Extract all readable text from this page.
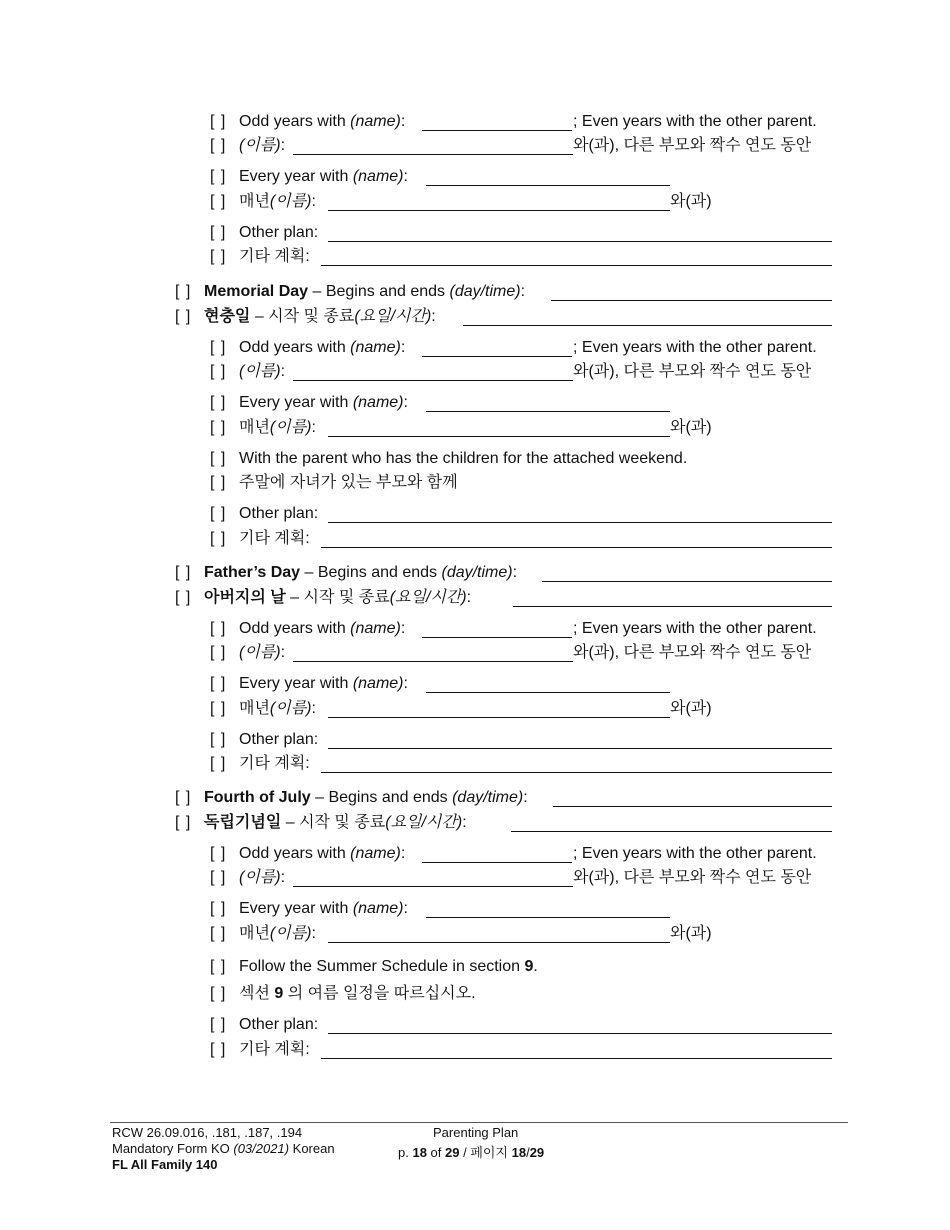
[ ] Odd years with (name):	; Even years with the other parent.
[ ] (이름):	와(과), 다른 부모와 짝수 연도 동안
[ ] Every year with (name):
[ ] 매년(이름):	와(과)
[ ] Other plan:
[ ] 기타 계획:
[ ] Memorial Day – Begins and ends (day/time):
[ ] 현충일 – 시작 및 종료(요일/시간):
[ ] Odd years with (name):	; Even years with the other parent.
[ ] (이름):	와(과), 다른 부모와 짝수 연도 동안
[ ] Every year with (name):
[ ] 매년(이름):	와(과)
[ ] With the parent who has the children for the attached weekend.
[ ] 주말에 자녀가 있는 부모와 함께
[ ] Other plan:
[ ] 기타 계획:
[ ] Father’s Day – Begins and ends (day/time):
[ ] 아버지의 날 – 시작 및 종료(요일/시간):
[ ] Odd years with (name):	; Even years with the other parent.
[ ] (이름):	와(과), 다른 부모와 짝수 연도 동안
[ ] Every year with (name):
[ ] 매년(이름):	와(과)
[ ] Other plan:
[ ] 기타 계획:
[ ] Fourth of July – Begins and ends (day/time):
[ ] 독립기념일 – 시작 및 종료(요일/시간):
[ ] Odd years with (name):	; Even years with the other parent.
[ ] (이름):	와(과), 다른 부모와 짝수 연도 동안
[ ] Every year with (name):
[ ] 매년(이름):	와(과)
[ ] Follow the Summer Schedule in section 9.
[ ] 섹션 9 의 여름 일정을 따르십시오.
[ ] Other plan:
[ ] 기타 계획:
RCW 26.09.016, .181, .187, .194
Mandatory Form KO (03/2021) Korean
FL All Family 140
Parenting Plan
p. 18 of 29 / 페이지 18/29
